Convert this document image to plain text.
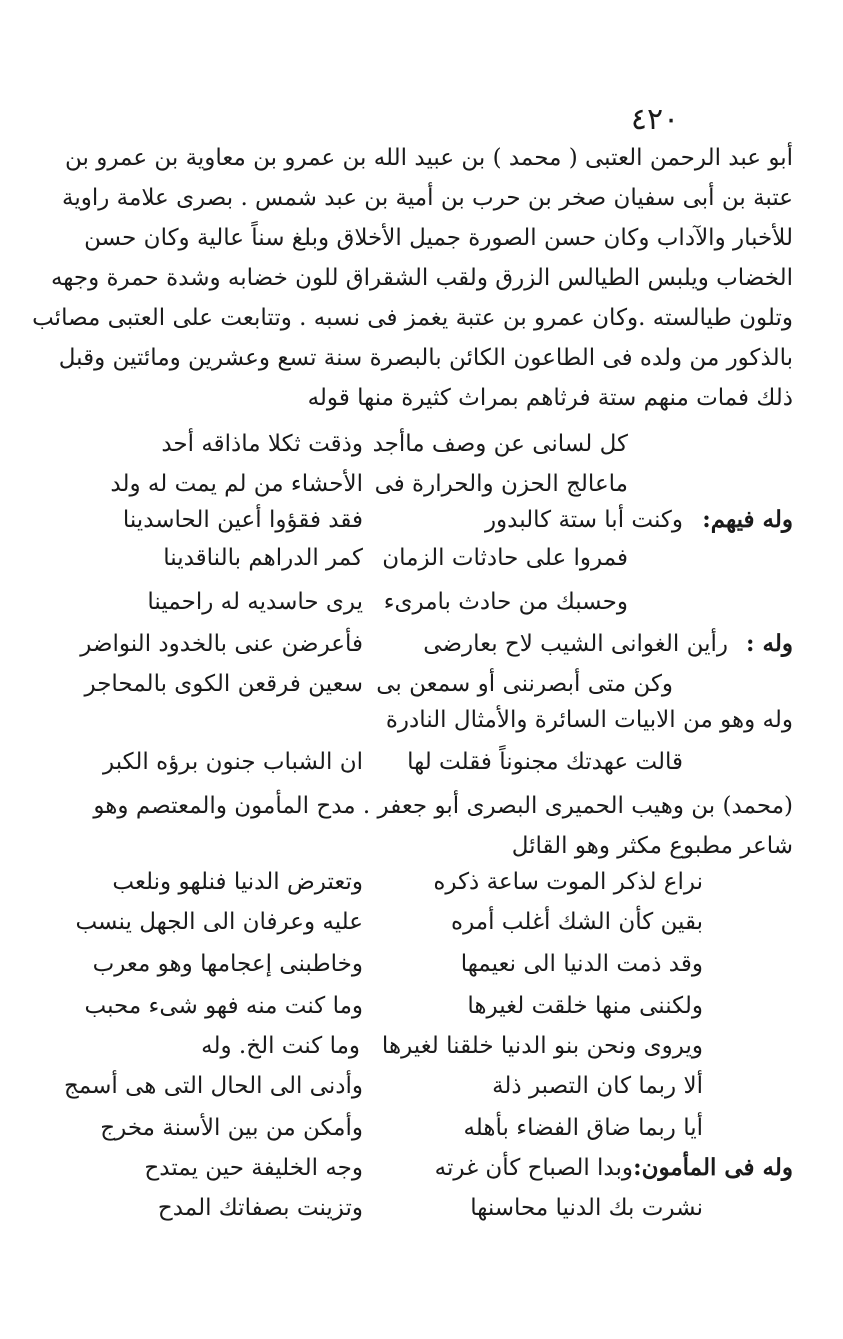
٤٢٠
أبو عبد الرحمن العتبى ( محمد ) بن عبيد الله بن عمرو بن معاوية بن عمرو بن
عتبة بن أبى سفيان صخر بن حرب بن أمية بن عبد شمس . بصرى علامة راوية
للأخبار والآداب وكان حسن الصورة جميل الأخلاق وبلغ سناً عالية وكان حسن
الخضاب ويلبس الطيالس الزرق ولقب الشقراق للون خضابه وشدة حمرة وجهه
وتلون طيالسته .وكان عمرو بن عتبة يغمز فى نسبه . وتتابعت على العتبى مصائب
بالذكور من ولده فى الطاعون الكائن بالبصرة سنة تسع وعشرين ومائتين وقبل
ذلك فمات منهم ستة فرثاهم بمراث كثيرة منها قوله
كل لسانى عن وصف ماأجد
وذقت ثكلا ماذاقه أحد
ماعالج الحزن والحرارة فى
الأحشاء من لم يمت له ولد
وله فيهم:
وكنت أبا ستة كالبدور
فقد فقؤوا أعين الحاسدينا
فمروا على حادثات الزمان
كمر الدراهم بالناقدينا
وحسبك من حادث بامرىء
يرى حاسديه له راحمينا
وله :
رأين الغوانى الشيب لاح بعارضى
فأعرضن عنى بالخدود النواضر
وكن متى أبصرننى أو سمعن بى
سعين فرقعن الكوى بالمحاجر
وله وهو من الابيات السائرة والأمثال النادرة
قالت عهدتك مجنوناً فقلت لها
ان الشباب جنون برؤه الكبر
(محمد) بن وهيب الحميرى البصرى أبو جعفر . مدح المأمون والمعتصم وهو
شاعر مطبوع مكثر وهو القائل
نراع لذكر الموت ساعة ذكره
وتعترض الدنيا فنلهو ونلعب
بقين كأن الشك أغلب أمره
عليه وعرفان الى الجهل ينسب
وقد ذمت الدنيا الى نعيمها
وخاطبنى إعجامها وهو معرب
ولكننى منها خلقت لغيرها
وما كنت منه فهو شىء محبب
ويروى ونحن بنو الدنيا خلقنا لغيرها   وما كنت الخ. وله
ألا ربما كان التصبر ذلة
وأدنى الى الحال التى هى أسمج
أيا ربما ضاق الفضاء بأهله
وأمكن من بين الأسنة مخرج
وله فى المأمون:
وبدا الصباح كأن غرته
وجه الخليفة حين يمتدح
نشرت بك الدنيا محاسنها
وتزينت بصفاتك المدح
